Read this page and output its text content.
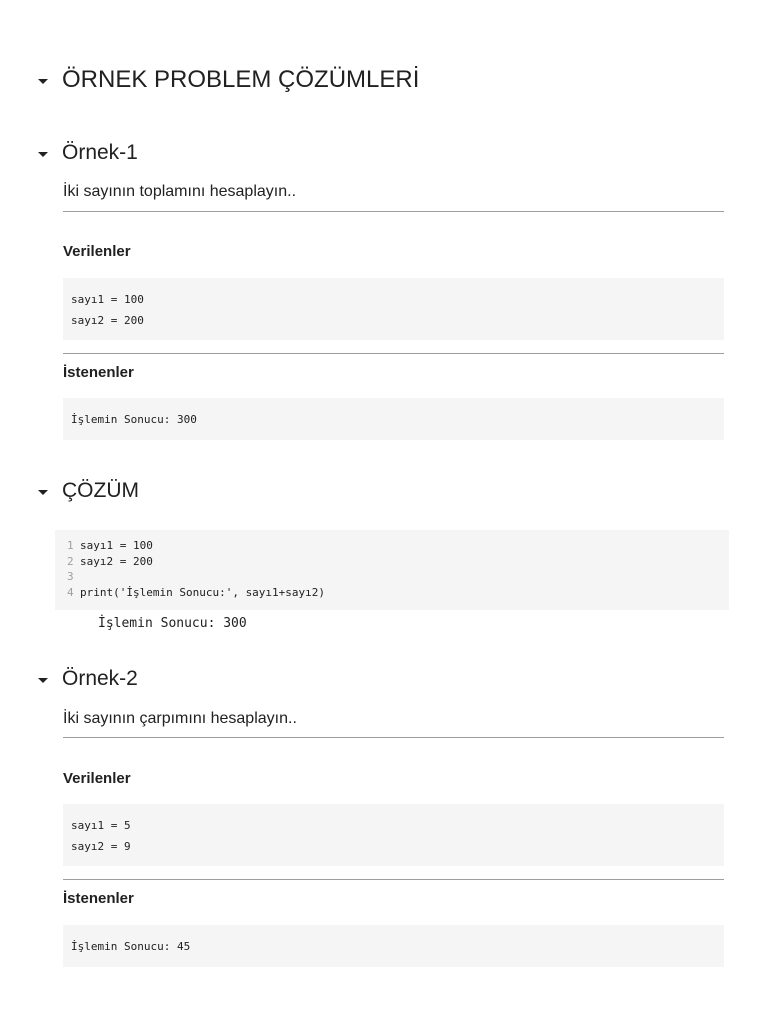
ÖRNEK PROBLEM ÇÖZÜMLERİ
Örnek-1
İki sayının toplamını hesaplayın..
Verilenler
sayı1 = 100
sayı2 = 200
İstenenler
İşlemin Sonucu: 300
ÇÖZÜM
1 sayı1 = 100
2 sayı2 = 200
3
4 print('İşlemin Sonucu:', sayı1+sayı2)
İşlemin Sonucu: 300
Örnek-2
İki sayının çarpımını hesaplayın..
Verilenler
sayı1 = 5
sayı2 = 9
İstenenler
İşlemin Sonucu: 45
